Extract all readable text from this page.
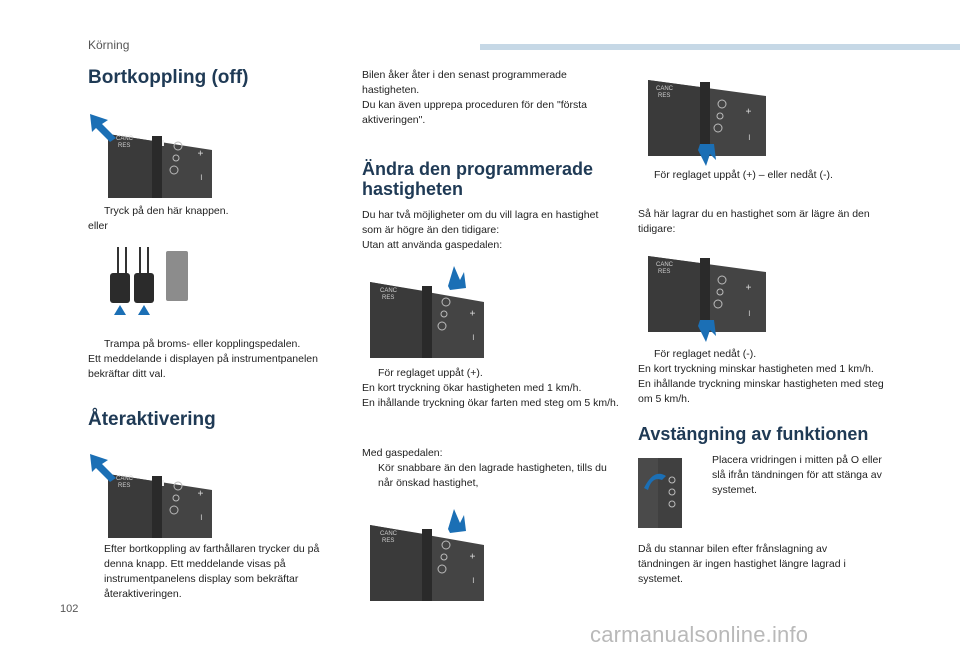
Körning
Bortkoppling (off)
CANC
RES
+
–
Tryck på den här knappen.
eller
Trampa på broms- eller kopplingspedalen.
Ett meddelande i displayen på instrumentpanelen bekräftar ditt val.
Återaktivering
CANC
RES
+
–
Efter bortkoppling av farthållaren trycker du på denna knapp. Ett meddelande visas på instrumentpanelens display som bekräftar återaktiveringen.
Bilen åker åter i den senast programmerade hastigheten.
Du kan även upprepa proceduren för den "första aktiveringen".
Ändra den programmerade hastigheten
Du har två möjligheter om du vill lagra en hastighet som är högre än den tidigare:
Utan att använda gaspedalen:
CANC
RES
+
–
För reglaget uppåt (+).
En kort tryckning ökar hastigheten med 1 km/h.
En ihållande tryckning ökar farten med steg om 5 km/h.
Med gaspedalen:
Kör snabbare än den lagrade hastigheten, tills du når önskad hastighet,
CANC
RES
+
–
CANC
RES
+
–
För reglaget uppåt (+) – eller nedåt (-).
Så här lagrar du en hastighet som är lägre än den tidigare:
CANC
RES
+
–
För reglaget nedåt (-).
En kort tryckning minskar hastigheten med 1 km/h.
En ihållande tryckning minskar hastigheten med steg om 5 km/h.
Avstängning av funktionen
Placera vridringen i mitten på O eller slå ifrån tändningen för att stänga av systemet.
Då du stannar bilen efter frånslagning av tändningen är ingen hastighet längre lagrad i systemet.
102
carmanualsonline.info
